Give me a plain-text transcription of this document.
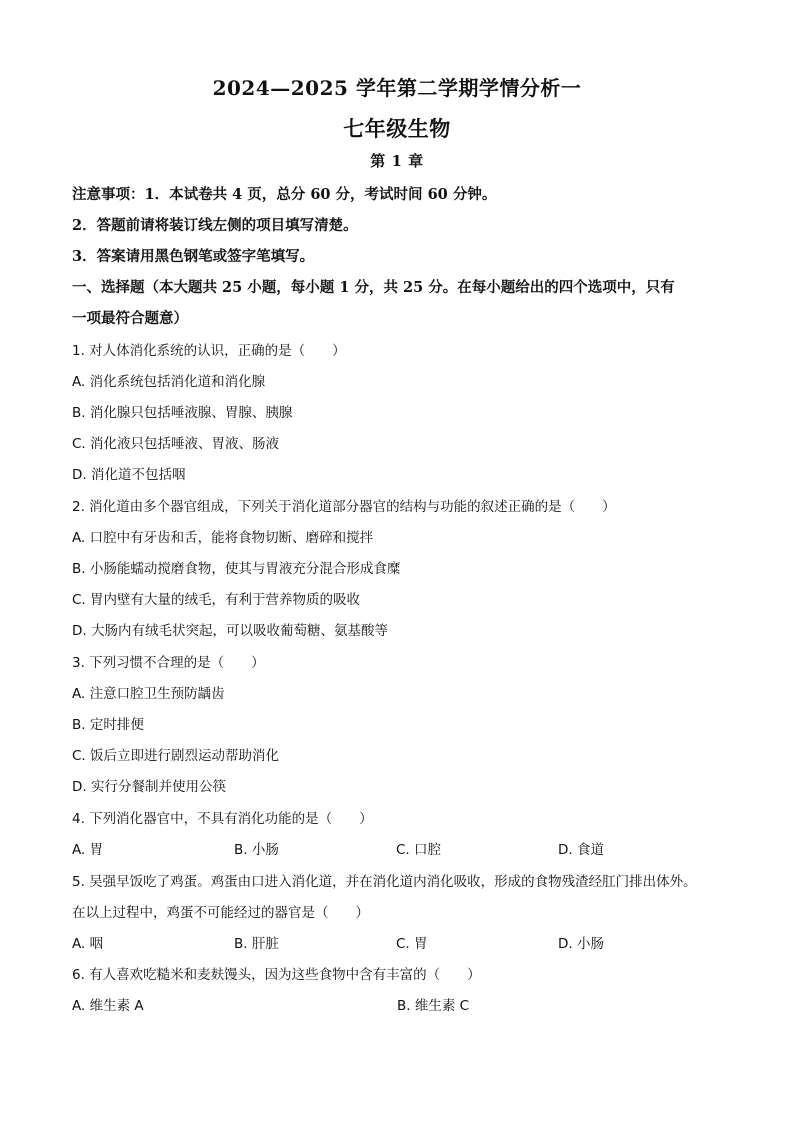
2024—2025 学年第二学期学情分析一
七年级生物
第 1 章
注意事项：1．本试卷共 4 页，总分 60 分，考试时间 60 分钟。
2．答题前请将装订线左侧的项目填写清楚。
3．答案请用黑色钢笔或签字笔填写。
一、选择题（本大题共 25 小题，每小题 1 分，共 25 分。在每小题给出的四个选项中，只有
一项最符合题意）
1. 对人体消化系统的认识，正确的是（　　）
A. 消化系统包括消化道和消化腺
B. 消化腺只包括唾液腺、胃腺、胰腺
C. 消化液只包括唾液、胃液、肠液
D. 消化道不包括咽
2. 消化道由多个器官组成，下列关于消化道部分器官的结构与功能的叙述正确的是（　　）
A. 口腔中有牙齿和舌，能将食物切断、磨碎和搅拌
B. 小肠能蠕动搅磨食物，使其与胃液充分混合形成食糜
C. 胃内壁有大量的绒毛，有利于营养物质的吸收
D. 大肠内有绒毛状突起，可以吸收葡萄糖、氨基酸等
3. 下列习惯不合理的是（　　）
A. 注意口腔卫生预防龋齿
B. 定时排便
C. 饭后立即进行剧烈运动帮助消化
D. 实行分餐制并使用公筷
4. 下列消化器官中，不具有消化功能的是（　　）
A. 胃	B. 小肠	C. 口腔	D. 食道
5. 吴强早饭吃了鸡蛋。鸡蛋由口进入消化道，并在消化道内消化吸收，形成的食物残渣经肛门排出体外。
在以上过程中，鸡蛋不可能经过的器官是（　　）
A. 咽	B. 肝脏	C. 胃	D. 小肠
6. 有人喜欢吃糙米和麦麸馒头，因为这些食物中含有丰富的（　　）
A. 维生素 A	B. 维生素 C
